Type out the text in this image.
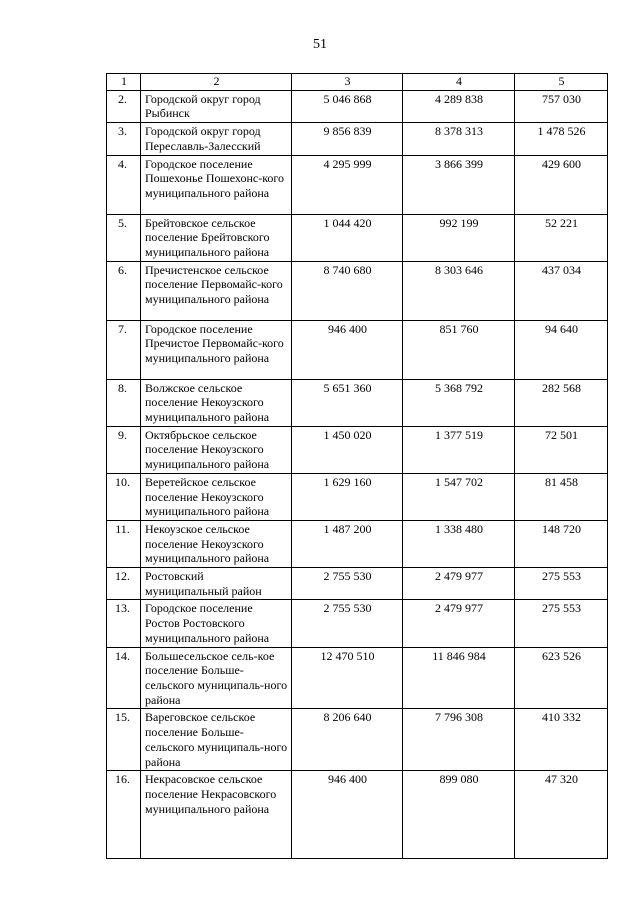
51
1	2	3	4	5
2.	Городской округ город Рыбинск	5 046 868	4 289 838	757 030
3.	Городской округ город Переславль-Залесский	9 856 839	8 378 313	1 478 526
4.	Городское поселение Пошехонье Пошехонс-кого муниципального района	4 295 999	3 866 399	429 600
5.	Брейтовское сельское поселение Брейтовского муниципального района	1 044 420	992 199	52 221
6.	Пречистенское сельское поселение Первомайс-кого муниципального района	8 740 680	8 303 646	437 034
7.	Городское поселение Пречистое Первомайс-кого муниципального района	946 400	851 760	94 640
8.	Волжское сельское поселение Некоузского муниципального района	5 651 360	5 368 792	282 568
9.	Октябрьское сельское поселение Некоузского муниципального района	1 450 020	1 377 519	72 501
10.	Веретейское сельское поселение Некоузского муниципального района	1 629 160	1 547 702	81 458
11.	Некоузское сельское поселение Некоузского муниципального района	1 487 200	1 338 480	148 720
12.	Ростовский муниципальный район	2 755 530	2 479 977	275 553
13.	Городское поселение Ростов Ростовского муниципального района	2 755 530	2 479 977	275 553
14.	Большесельское сель-кое поселение Больше-сельского муниципаль-ного района	12 470 510	11 846 984	623 526
15.	Вареговское сельское поселение Больше-сельского муниципаль-ного района	8 206 640	7 796 308	410 332
16.	Некрасовское сельское поселение Некрасовского муниципального района	946 400	899 080	47 320
